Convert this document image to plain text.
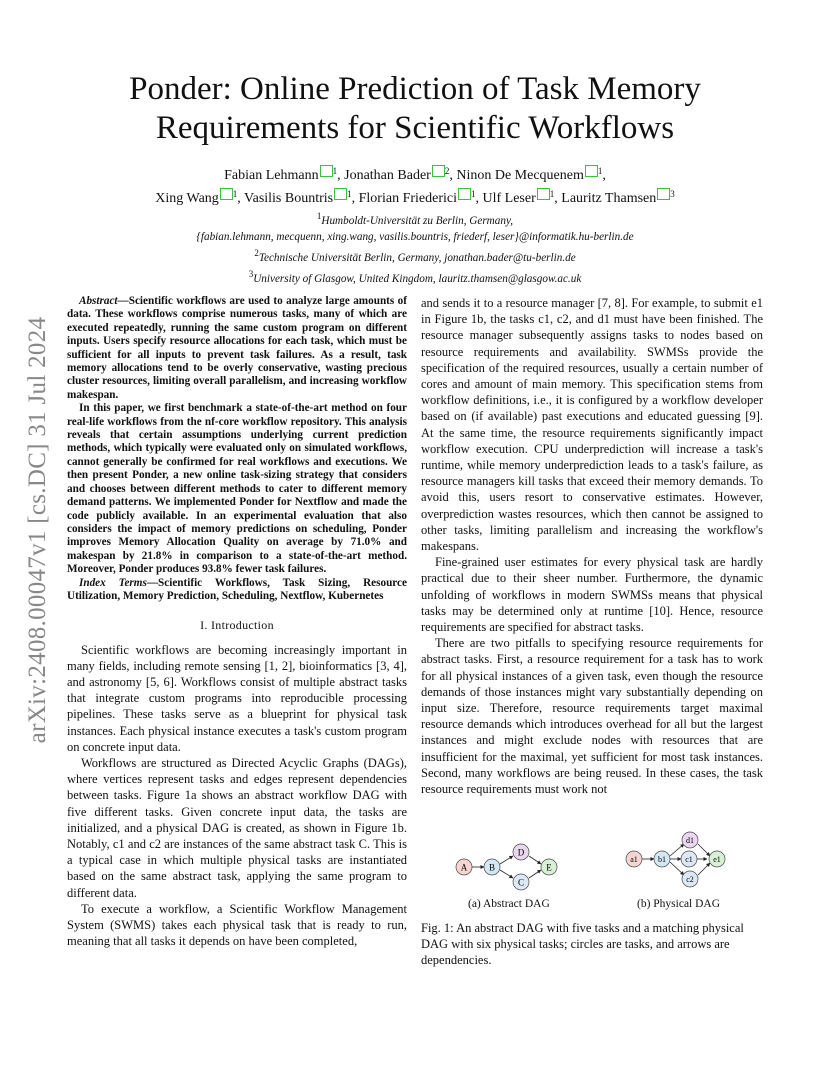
arXiv:2408.00047v1 [cs.DC] 31 Jul 2024
Ponder: Online Prediction of Task Memory
Requirements for Scientific Workflows
Fabian Lehmann $^1$, Jonathan Bader $^2$, Ninon De Mecquenem $^1$,
Xing Wang $^1$, Vasilis Bountris $^1$, Florian Friederici $^1$, Ulf Leser $^1$, Lauritz Thamsen $^3$
$^1$Humboldt-Universität zu Berlin, Germany,
{fabian.lehmann, mecquenn, xing.wang, vasilis.bountris, friederf, leser}@informatik.hu-berlin.de
$^2$Technische Universität Berlin, Germany, jonathan.bader@tu-berlin.de
$^3$University of Glasgow, United Kingdom, lauritz.thamsen@glasgow.ac.uk

Abstract—Scientific workflows are used to analyze large amounts of data. These workflows comprise numerous tasks, many of which are executed repeatedly, running the same custom program on different inputs. Users specify resource allocations for each task, which must be sufficient for all inputs to prevent task failures. As a result, task memory allocations tend to be overly conservative, wasting precious cluster resources, limiting overall parallelism, and increasing workflow makespan.

In this paper, we first benchmark a state-of-the-art method on four real-life workflows from the nf-core workflow repository. This analysis reveals that certain assumptions underlying current prediction methods, which typically were evaluated only on simulated workflows, cannot generally be confirmed for real workflows and executions. We then present Ponder, a new online task-sizing strategy that considers and chooses between different methods to cater to different memory demand patterns. We implemented Ponder for Nextflow and made the code publicly available. In an experimental evaluation that also considers the impact of memory predictions on scheduling, Ponder improves Memory Allocation Quality on average by 71.0% and makespan by 21.8% in comparison to a state-of-the-art method. Moreover, Ponder produces 93.8% fewer task failures.

Index Terms—Scientific Workflows, Task Sizing, Resource Utilization, Memory Prediction, Scheduling, Nextflow, Kubernetes

I. Introduction

Scientific workflows are becoming increasingly important in many fields, including remote sensing [1, 2], bioinformatics [3, 4], and astronomy [5, 6]. Workflows consist of multiple abstract tasks that integrate custom programs into reproducible processing pipelines. These tasks serve as a blueprint for physical task instances. Each physical instance executes a task's custom program on concrete input data.

Workflows are structured as Directed Acyclic Graphs (DAGs), where vertices represent tasks and edges represent dependencies between tasks. Figure 1a shows an abstract workflow DAG with five different tasks. Given concrete input data, the tasks are initialized, and a physical DAG is created, as shown in Figure 1b. Notably, c1 and c2 are instances of the same abstract task C. This is a typical case in which multiple physical tasks are instantiated based on the same abstract task, applying the same program to different data.

To execute a workflow, a Scientific Workflow Management System (SWMS) takes each physical task that is ready to run, meaning that all tasks it depends on have been completed,

and sends it to a resource manager [7, 8]. For example, to submit e1 in Figure 1b, the tasks c1, c2, and d1 must have been finished. The resource manager subsequently assigns tasks to nodes based on resource requirements and availability. SWMSs provide the specification of the required resources, usually a certain number of cores and amount of main memory. This specification stems from workflow definitions, i.e., it is configured by a workflow developer based on (if available) past executions and educated guessing [9]. At the same time, the resource requirements significantly impact workflow execution. CPU underprediction will increase a task's runtime, while memory underprediction leads to a task's failure, as resource managers kill tasks that exceed their memory demands. To avoid this, users resort to conservative estimates. However, overprediction wastes resources, which then cannot be assigned to other tasks, limiting parallelism and increasing the workflow's makespans.

Fine-grained user estimates for every physical task are hardly practical due to their sheer number. Furthermore, the dynamic unfolding of workflows in modern SWMSs means that physical tasks may be determined only at runtime [10]. Hence, resource requirements are specified for abstract tasks.

There are two pitfalls to specifying resource requirements for abstract tasks. First, a resource requirement for a task has to work for all physical instances of a given task, even though the resource demands of those instances might vary substantially depending on input size. Therefore, resource requirements target maximal resource demands which introduces overhead for all but the largest instances and might exclude nodes with resources that are insufficient for the maximal, yet sufficient for most task instances. Second, many workflows are being reused. In these cases, the task resource requirements must work not

A B
C
D
E
a1	b1 c1
c2
d1
e1
(a) Abstract DAG	(b) Physical DAG
Fig. 1: An abstract DAG with five tasks and a matching physical DAG with six physical tasks; circles are tasks, and arrows are dependencies.
